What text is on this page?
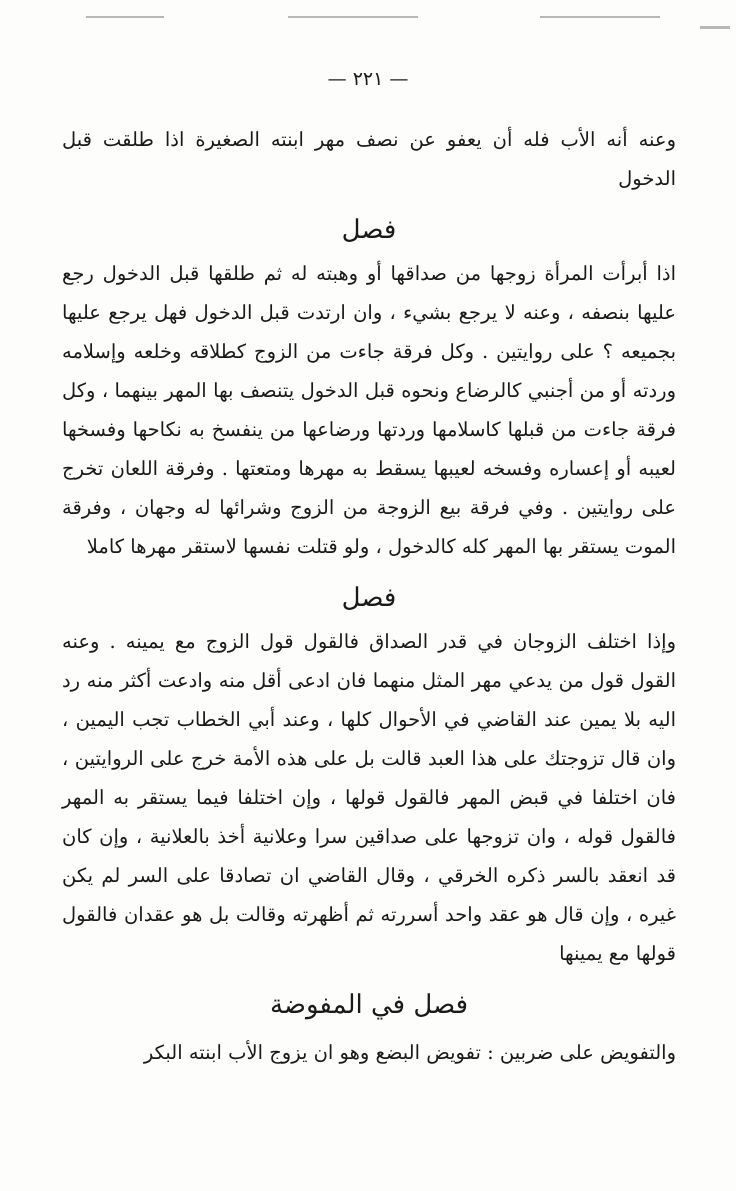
— ٢٢١ —

وعنه أنه الأب فله أن يعفو عن نصف مهر ابنته الصغيرة اذا طلقت قبل الدخول

فصل

اذا أبرأت المرأة زوجها من صداقها أو وهبته له ثم طلقها قبل الدخول رجع عليها بنصفه ، وعنه لا يرجع بشيء ، وان ارتدت قبل الدخول فهل يرجع عليها بجميعه ؟ على روايتين . وكل فرقة جاءت من الزوج كطلاقه وخلعه وإسلامه وردته أو من أجنبي كالرضاع ونحوه قبل الدخول يتنصف بها المهر بينهما ، وكل فرقة جاءت من قبلها كاسلامها وردتها ورضاعها من ينفسخ به نكاحها وفسخها لعيبه أو إعساره وفسخه لعيبها يسقط به مهرها ومتعتها . وفرقة اللعان تخرج على روايتين . وفي فرقة بيع الزوجة من الزوج وشرائها له وجهان ، وفرقة الموت يستقر بها المهر كله كالدخول ، ولو قتلت نفسها لاستقر مهرها كاملا

فصل

وإذا اختلف الزوجان في قدر الصداق فالقول قول الزوج مع يمينه . وعنه القول قول من يدعي مهر المثل منهما فان ادعى أقل منه وادعت أكثر منه رد اليه بلا يمين عند القاضي في الأحوال كلها ، وعند أبي الخطاب تجب اليمين ، وان قال تزوجتك على هذا العبد قالت بل على هذه الأمة خرج على الروايتين ، فان اختلفا في قبض المهر فالقول قولها ، وإن اختلفا فيما يستقر به المهر فالقول قوله ، وان تزوجها على صداقين سرا وعلانية أخذ بالعلانية ، وإن كان قد انعقد بالسر ذكره الخرقي ، وقال القاضي ان تصادقا على السر لم يكن غيره ، وإن قال هو عقد واحد أسررته ثم أظهرته وقالت بل هو عقدان فالقول قولها مع يمينها

فصل في المفوضة

والتفويض على ضربين : تفويض البضع وهو ان يزوج الأب ابنته البكر
